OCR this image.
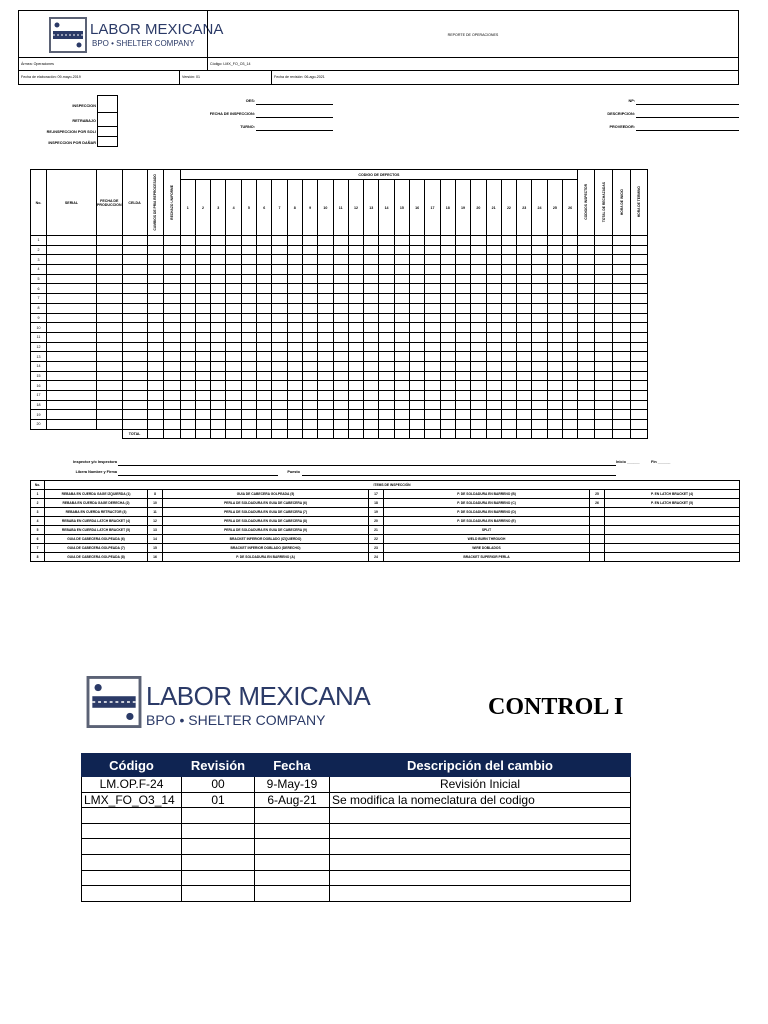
LABOR MEXICANA
BPO • SHELTER COMPANY
REPORTE DE OPERACIONES
Ármea: Operaciones	Código: LMX_FO_O3_14
Fecha de elaboración: 09-mayo-2019	Versión: 01	Fecha de revisión: 06-ago-2021
INSPECCION
RETRABAJO
RE-INSPECCION POR SOLI
INSPECCION POR DAÑAR
OES:
FECHA DE INSPECCION:
TURNO:
NP:
DESCRIPCION:
PROVEEDOR:
No.	SERIAL	FECHA DE PRODUCCION	CELDA	CAMBIOS DE PRIA REPROCESADO	RECHAZO UNIFORME	CODIGO DE DEFECTOS																										CODIGOS INSPECTOR	TOTAL DE RECHAZADAS	HORA DE INICIO	HORA DE TERMINO
						1	2	3	4	5	6	7	8	9	10	11	12	13	14	15	16	17	18	19	20	21	22	23	24	25	26				
1																																			
2																																			
3																																			
4																																			
5																																			
6																																			
7																																			
8																																			
9																																			
10																																			
11																																			
12																																			
13																																			
14																																			
15																																			
16																																			
17																																			
18																																			
19																																			
20																																			
			TOTAL																																
Inspector y/o Inspectora
Libera Nombre y Firma	Puesto
Inicio ______	Fin ______
No.	ITEMS DE INSPECCIÓN						
1	REBABA EN CUERDA GAGE IZQUIERDA (1)	8	GUIA DE CABECERA GOLPEADA (5)	17	P. DE SOLDADURA EN BARRENO (B)	25	P. EN LATCH BRACKET (4)
2	REBABA EN CUERDA GAGE DERECHA (2)	10	PERLA DE SOLDADURA EN GUIA DE CABECERA (6)	18	P. DE SOLDADURA EN BARRENO (C)	26	P. EN LATCH BRACKET (5)
3	REBABA EN CUERDA RETRACTOR (3)	11	PERLA DE SOLDADURA EN GUIA DE CABECERA (7)	19	P. DE SOLDADURA EN BARRENO (D)		
4	REBABA EN CUERDA LATCH BRACKET (4)	12	PERLA DE SOLDADURA EN GUIA DE CABECERA (8)	20	P. DE SOLDADURA EN BARRENO (E)		
5	REBABA EN CUERDA LATCH BRACKET (5)	13	PERLA DE SOLDADURA EN GUIA DE CABECERA (9)	21	SPLIT		
6	GUIA DE CABECERA GOLPEADA (6)	14	BRACKET INFERIOR DOBLADO (IZQUIERDO)	22	WELD BURN THROUGH		
7	GUIA DE CABECERA GOLPEADA (7)	15	BRACKET INFERIOR DOBLADO (DERECHO)	23	WIRE DOBLADOS		
8	GUIA DE CABECERA GOLPEADA (8)	16	P. DE SOLDADURA EN BARRENO (A)	24	BRACKET SUPERIOR PERLA		
LABOR MEXICANA
BPO • SHELTER COMPANY	CONTROL I
Código	Revisión	Fecha	Descripción del cambio
LM.OP.F-24	00	9-May-19	Revisión Inicial
LMX_FO_O3_14	01	6-Aug-21	Se modifica la nomeclatura del codigo
